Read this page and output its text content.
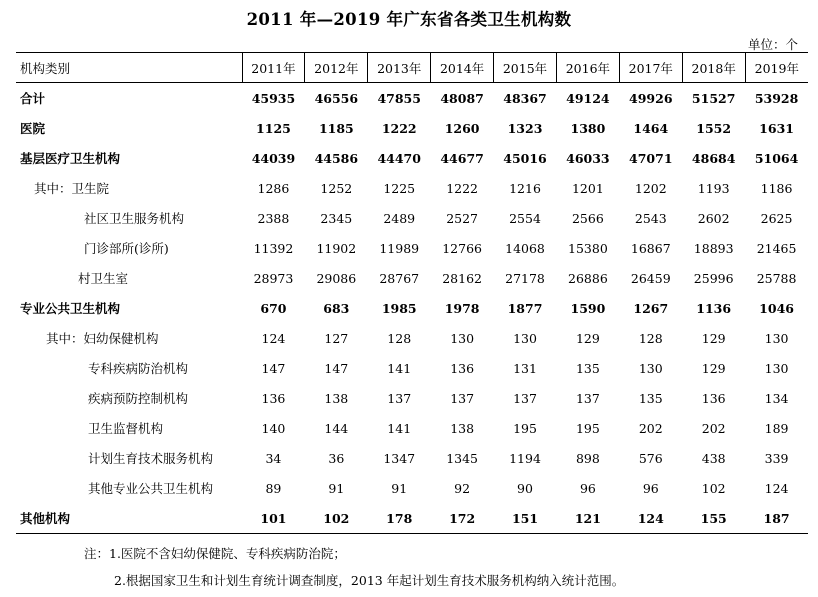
2011 年—2019 年广东省各类卫生机构数
单位：个
机构类别	2011年	2012年	2013年	2014年	2015年	2016年	2017年	2018年	2019年
合计	45935	46556	47855	48087	48367	49124	49926	51527	53928
医院	1125	1185	1222	1260	1323	1380	1464	1552	1631
基层医疗卫生机构	44039	44586	44470	44677	45016	46033	47071	48684	51064
其中：卫生院	1286	1252	1225	1222	1216	1201	1202	1193	1186
社区卫生服务机构	2388	2345	2489	2527	2554	2566	2543	2602	2625
门诊部所(诊所)	11392	11902	11989	12766	14068	15380	16867	18893	21465
村卫生室	28973	29086	28767	28162	27178	26886	26459	25996	25788
专业公共卫生机构	670	683	1985	1978	1877	1590	1267	1136	1046
其中：妇幼保健机构	124	127	128	130	130	129	128	129	130
专科疾病防治机构	147	147	141	136	131	135	130	129	130
疾病预防控制机构	136	138	137	137	137	137	135	136	134
卫生监督机构	140	144	141	138	195	195	202	202	189
计划生育技术服务机构	34	36	1347	1345	1194	898	576	438	339
其他专业公共卫生机构	89	91	91	92	90	96	96	102	124
其他机构	101	102	178	172	151	121	124	155	187
注：1.医院不含妇幼保健院、专科疾病防治院；
2.根据国家卫生和计划生育统计调查制度，2013 年起计划生育技术服务机构纳入统计范围。
